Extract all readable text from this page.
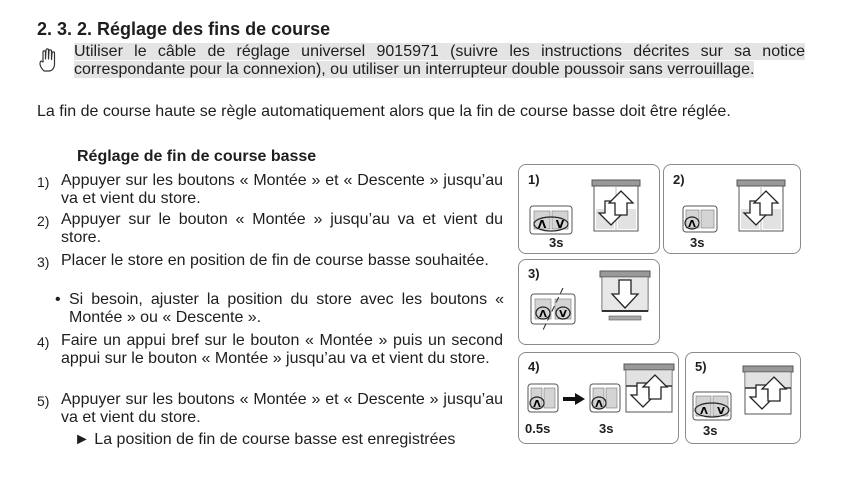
2. 3. 2. Réglage des fins de course
Utiliser le câble de réglage universel 9015971 (suivre les instructions décrites sur sa notice correspondante pour la connexion), ou utiliser un interrupteur double poussoir sans verrouillage.
La fin de course haute se règle automatiquement alors que la fin de course basse doit être réglée.
Réglage de fin de course basse
1) Appuyer sur les boutons « Montée » et « Descente » jusqu’au va et vient du store.
2) Appuyer sur le bouton « Montée » jusqu’au va et vient du store.
3) Placer le store en position de fin de course basse souhaitée.
• Si besoin, ajuster la position du store avec les boutons « Montée » ou « Descente ».
4) Faire un appui bref sur le bouton « Montée » puis un second appui sur le bouton « Montée » jusqu’au va et vient du store.
5) Appuyer sur les boutons « Montée » et « Descente » jusqu’au va et vient du store.
► La position de fin de course basse est enregistrées
1)
Λ V
3s
2)
Λ
3s
3)
Λ V
4)
Λ	Λ
0.5s	3s
5)
Λ V
3s
